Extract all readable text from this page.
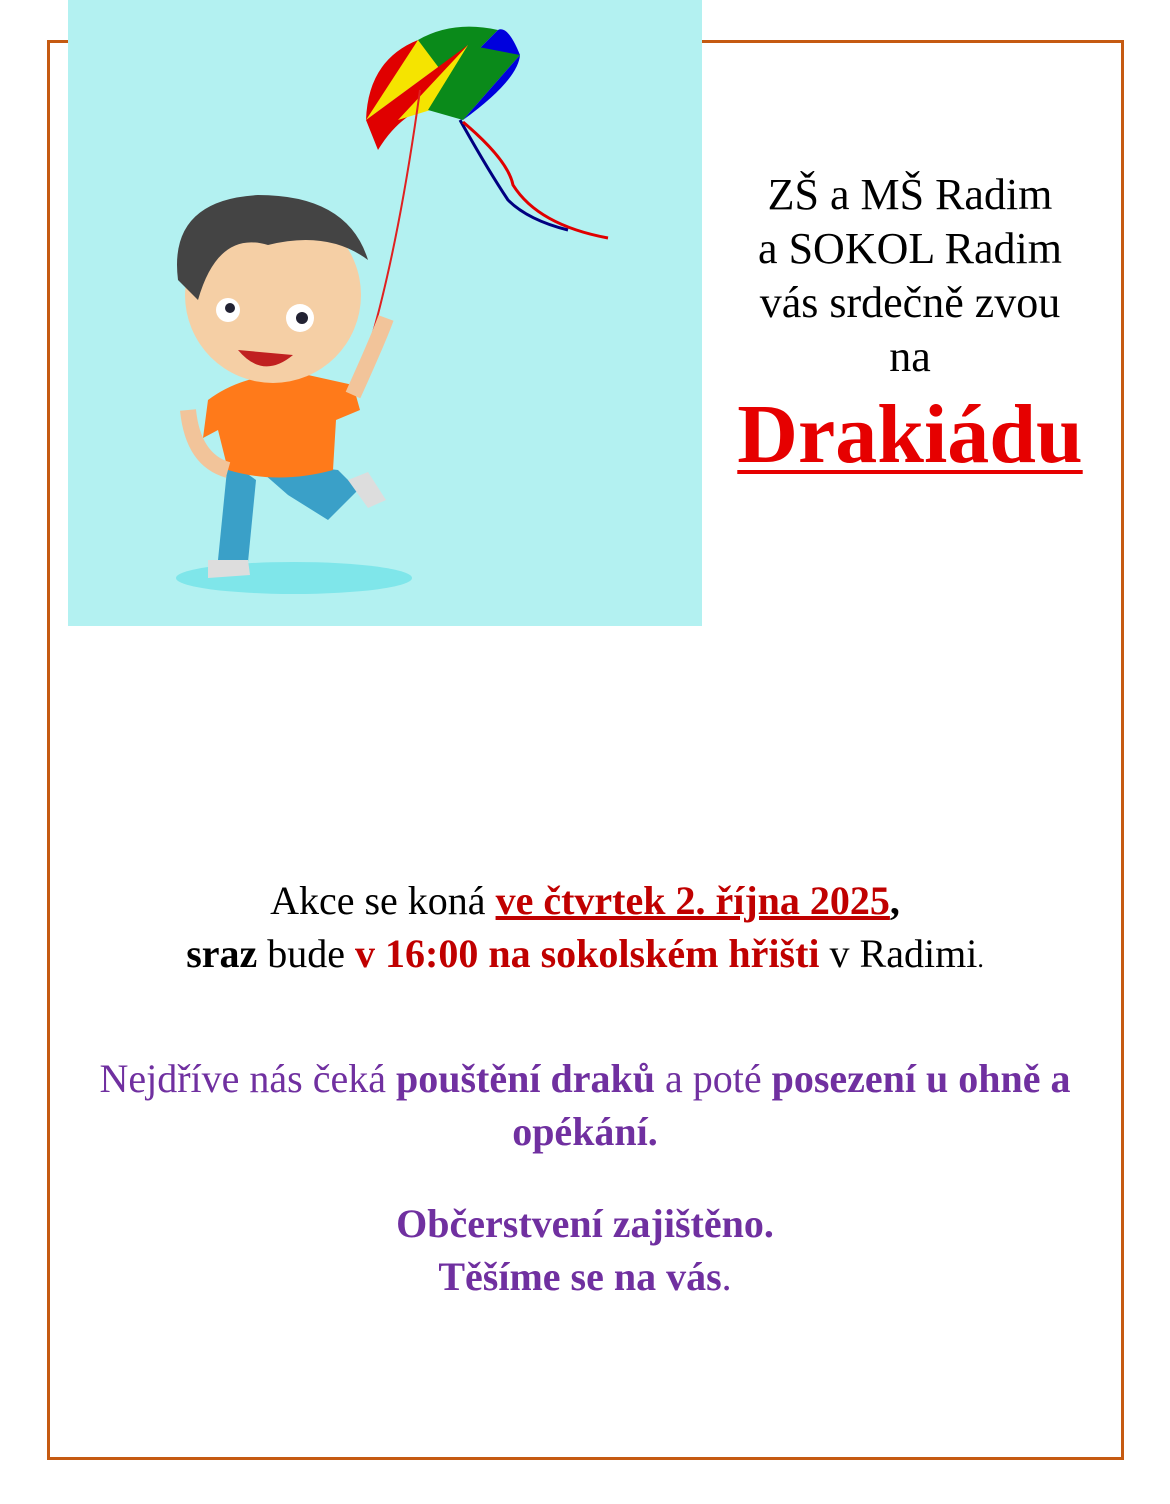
ZŠ a MŠ Radim
a SOKOL Radim
vás srdečně zvou
na
Drakiádu
Akce se koná ve čtvrtek 2. října 2025,
sraz bude v 16:00 na sokolském hřišti v Radimi.
Nejdříve nás čeká pouštění draků a poté posezení u ohně a opékání.
Občerstvení zajištěno.
Těšíme se na vás.
